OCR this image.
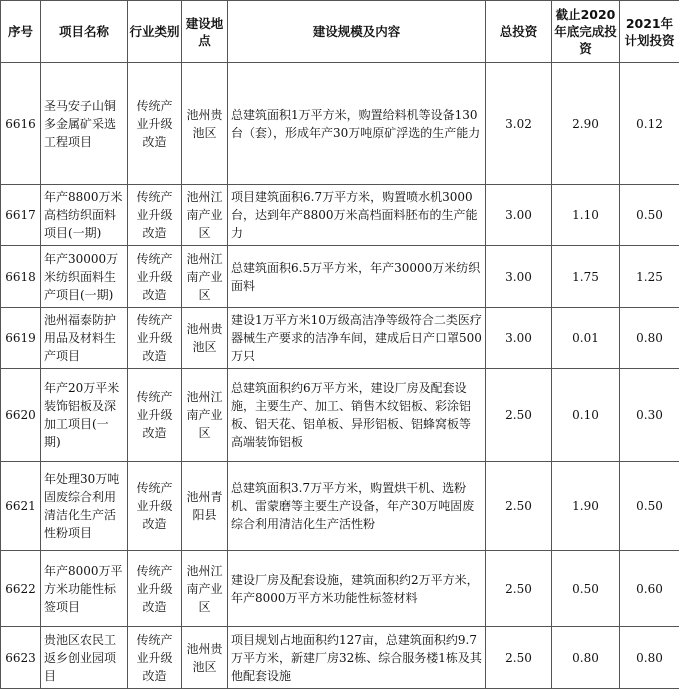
序号	项目名称	行业类别	建设地点	建设规模及内容	总投资	截止2020年底完成投资	2021年计划投资
6616	圣马安子山铜多金属矿采选工程项目	传统产业升级改造	池州贵池区	总建筑面积1万平方米，购置给料机等设备130台（套），形成年产30万吨原矿浮选的生产能力	3.02	2.90	0.12
6617	年产8800万米高档纺织面料项目(一期)	传统产业升级改造	池州江南产业区	项目建筑面积6.7万平方米，购置喷水机3000台，达到年产8800万米高档面料胚布的生产能力	3.00	1.10	0.50
6618	年产30000万米纺织面料生产项目(一期)	传统产业升级改造	池州江南产业区	总建筑面积6.5万平方米，年产30000万米纺织面料	3.00	1.75	1.25
6619	池州福泰防护用品及材料生产项目	传统产业升级改造	池州贵池区	建设1万平方米10万级高洁净等级符合二类医疗器械生产要求的洁净车间，建成后日产口罩500万只	3.00	0.01	0.80
6620	年产20万平米装饰铝板及深加工项目(一期)	传统产业升级改造	池州江南产业区	总建筑面积约6万平方米，建设厂房及配套设施，主要生产、加工、销售木纹铝板、彩涂铝板、铝天花、铝单板、异形铝板、铝蜂窝板等高端装饰铝板	2.50	0.10	0.30
6621	年处理30万吨固废综合利用清洁化生产活性粉项目	传统产业升级改造	池州青阳县	总建筑面积3.7万平方米，购置烘干机、选粉机、雷蒙磨等主要生产设备，年产30万吨固废综合利用清洁化生产活性粉	2.50	1.90	0.50
6622	年产8000万平方米功能性标签项目	传统产业升级改造	池州江南产业区	建设厂房及配套设施，建筑面积约2万平方米，年产8000万平方米功能性标签材料	2.50	0.50	0.60
6623	贵池区农民工返乡创业园项目	传统产业升级改造	池州贵池区	项目规划占地面积约127亩，总建筑面积约9.7万平方米，新建厂房32栋、综合服务楼1栋及其他配套设施	2.50	0.80	0.80
